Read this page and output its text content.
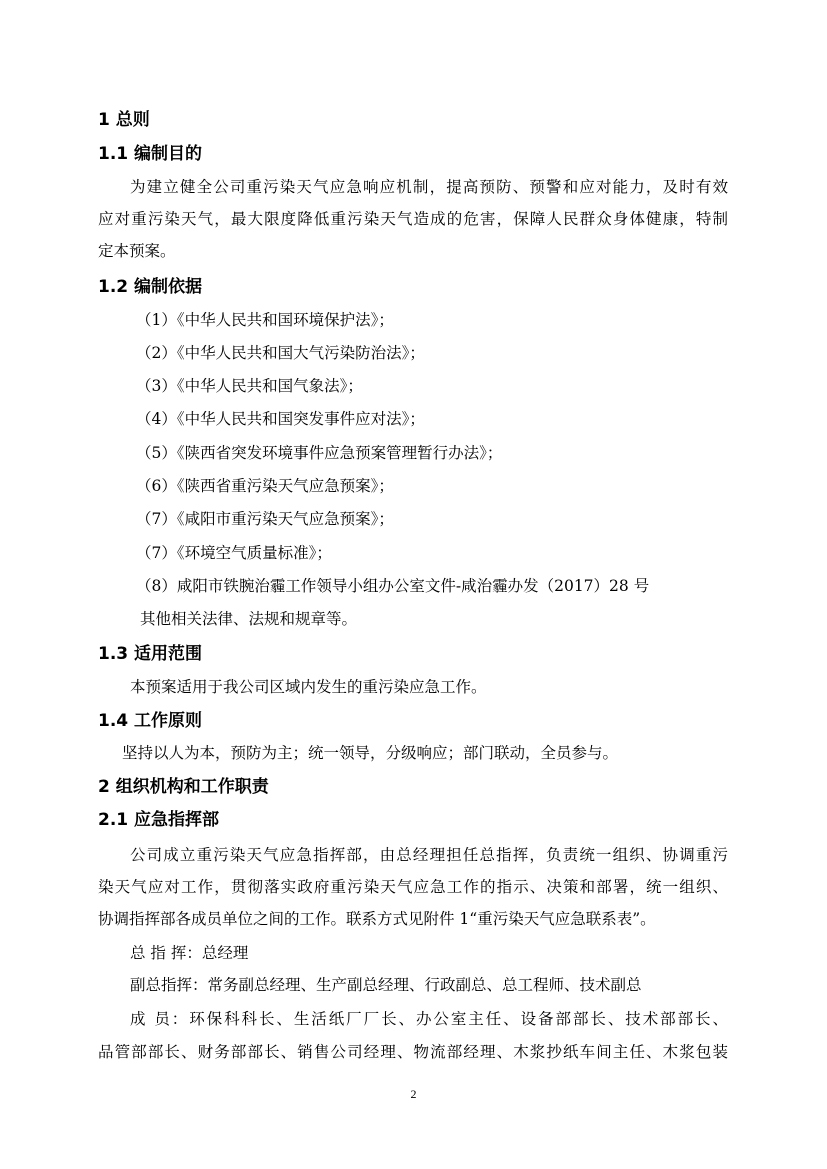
1 总则
1.1 编制目的
为建立健全公司重污染天气应急响应机制，提高预防、预警和应对能力，及时有效
应对重污染天气，最大限度降低重污染天气造成的危害，保障人民群众身体健康，特制
定本预案。
1.2 编制依据
（1）《中华人民共和国环境保护法》；
（2）《中华人民共和国大气污染防治法》；
（3）《中华人民共和国气象法》；
（4）《中华人民共和国突发事件应对法》；
（5）《陕西省突发环境事件应急预案管理暂行办法》；
（6）《陕西省重污染天气应急预案》；
（7）《咸阳市重污染天气应急预案》；
（7）《环境空气质量标准》；
（8）咸阳市铁腕治霾工作领导小组办公室文件-咸治霾办发（2017）28 号
其他相关法律、法规和规章等。
1.3 适用范围
本预案适用于我公司区域内发生的重污染应急工作。
1.4 工作原则
坚持以人为本，预防为主；统一领导，分级响应；部门联动，全员参与。
2 组织机构和工作职责
2.1 应急指挥部
公司成立重污染天气应急指挥部，由总经理担任总指挥，负责统一组织、协调重污
染天气应对工作，贯彻落实政府重污染天气应急工作的指示、决策和部署，统一组织、
协调指挥部各成员单位之间的工作。联系方式见附件 1“重污染天气应急联系表”。
总 指 挥：总经理
副总指挥：常务副总经理、生产副总经理、行政副总、总工程师、技术副总
成 员：环保科科长、生活纸厂厂长、办公室主任、设备部部长、技术部部长、
品管部部长、财务部部长、销售公司经理、物流部经理、木浆抄纸车间主任、木浆包装
2
